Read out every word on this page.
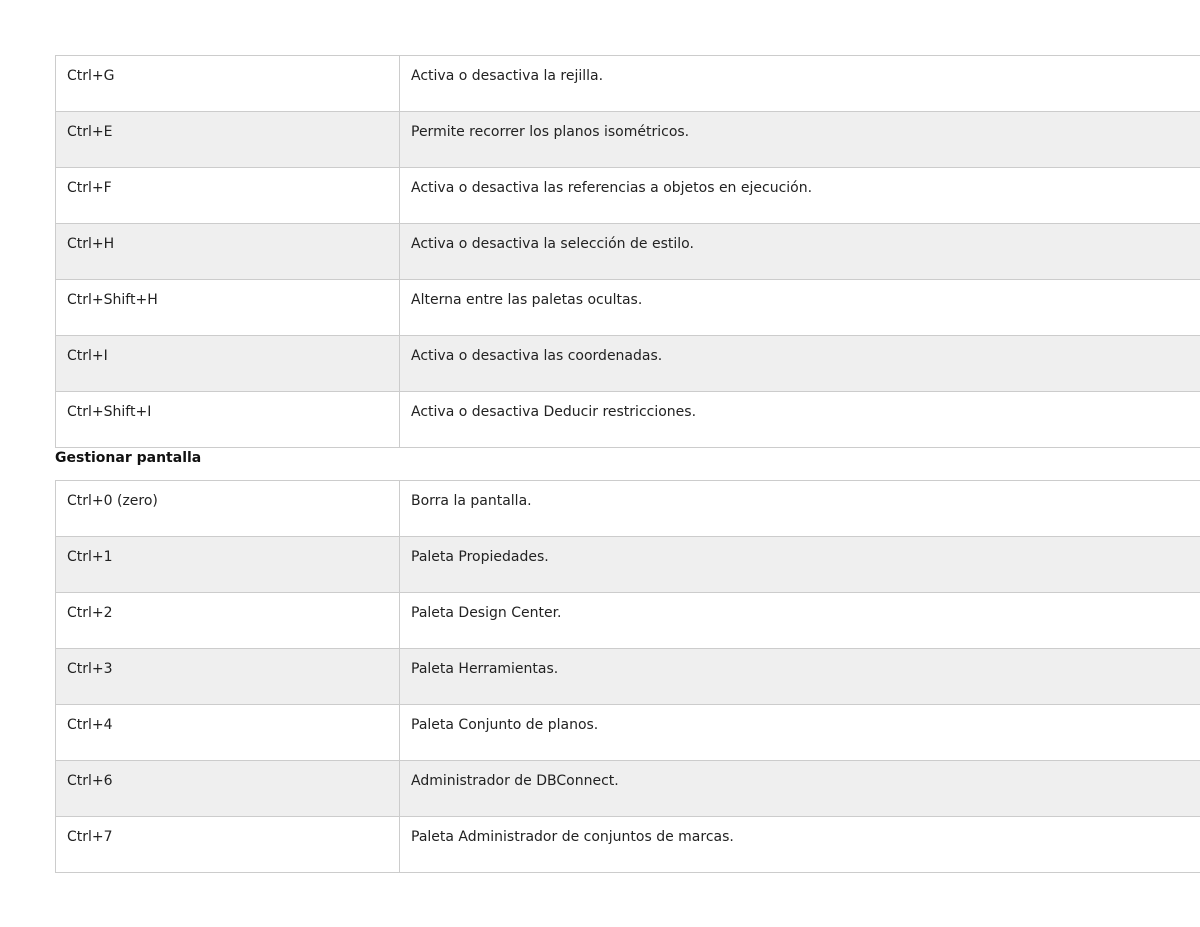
Ctrl+G	Activa o desactiva la rejilla.

Ctrl+E	Permite recorrer los planos isométricos.

Ctrl+F	Activa o desactiva las referencias a objetos en ejecución.

Ctrl+H	Activa o desactiva la selección de estilo.

Ctrl+Shift+H	Alterna entre las paletas ocultas.

Ctrl+I	Activa o desactiva las coordenadas.

Ctrl+Shift+I	Activa o desactiva Deducir restricciones.
Gestionar pantalla
Ctrl+0 (zero)	Borra la pantalla.

Ctrl+1	Paleta Propiedades.

Ctrl+2	Paleta Design Center.

Ctrl+3	Paleta Herramientas.

Ctrl+4	Paleta Conjunto de planos.

Ctrl+6	Administrador de DBConnect.

Ctrl+7	Paleta Administrador de conjuntos de marcas.
